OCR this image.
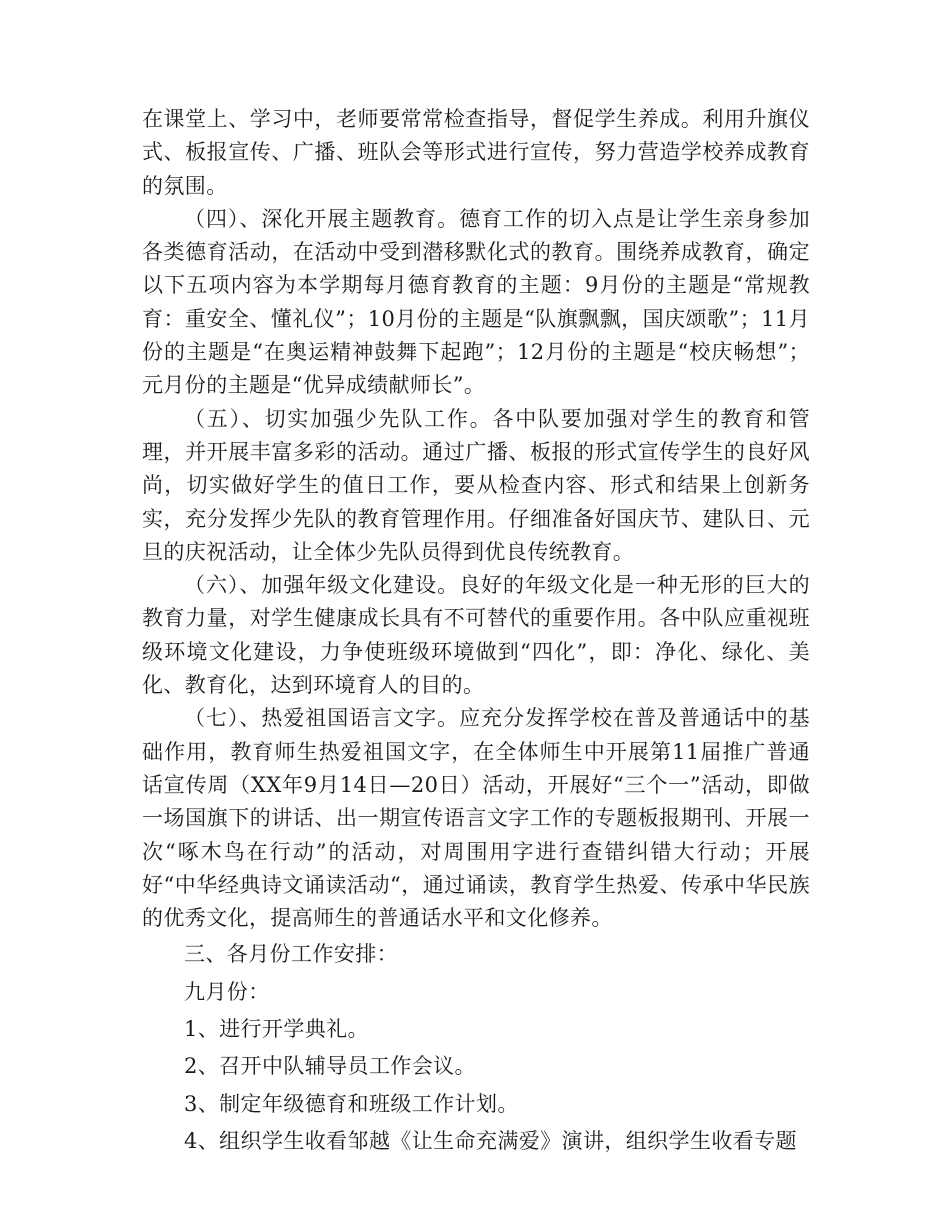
在课堂上、学习中，老师要常常检查指导，督促学生养成。利用升旗仪式、板报宣传、广播、班队会等形式进行宣传，努力营造学校养成教育的氛围。

（四）、深化开展主题教育。德育工作的切入点是让学生亲身参加各类德育活动，在活动中受到潜移默化式的教育。围绕养成教育，确定以下五项内容为本学期每月德育教育的主题：9月份的主题是“常规教育：重安全、懂礼仪”；10月份的主题是“队旗飘飘，国庆颂歌”；11月份的主题是“在奥运精神鼓舞下起跑”；12月份的主题是“校庆畅想”；元月份的主题是“优异成绩献师长”。

（五）、切实加强少先队工作。各中队要加强对学生的教育和管理，并开展丰富多彩的活动。通过广播、板报的形式宣传学生的良好风尚，切实做好学生的值日工作，要从检查内容、形式和结果上创新务实，充分发挥少先队的教育管理作用。仔细准备好国庆节、建队日、元旦的庆祝活动，让全体少先队员得到优良传统教育。

（六）、加强年级文化建设。良好的年级文化是一种无形的巨大的教育力量，对学生健康成长具有不可替代的重要作用。各中队应重视班级环境文化建设，力争使班级环境做到“四化”，即：净化、绿化、美化、教育化，达到环境育人的目的。

（七）、热爱祖国语言文字。应充分发挥学校在普及普通话中的基础作用，教育师生热爱祖国文字，在全体师生中开展第11届推广普通话宣传周（XX年9月14日—20日）活动，开展好“三个一”活动，即做一场国旗下的讲话、出一期宣传语言文字工作的专题板报期刊、开展一次“啄木鸟在行动”的活动，对周围用字进行查错纠错大行动；开展好“中华经典诗文诵读活动“，通过诵读，教育学生热爱、传承中华民族的优秀文化，提高师生的普通话水平和文化修养。

三、各月份工作安排：

九月份：

1、进行开学典礼。

2、召开中队辅导员工作会议。

3、制定年级德育和班级工作计划。

4、组织学生收看邹越《让生命充满爱》演讲，组织学生收看专题
